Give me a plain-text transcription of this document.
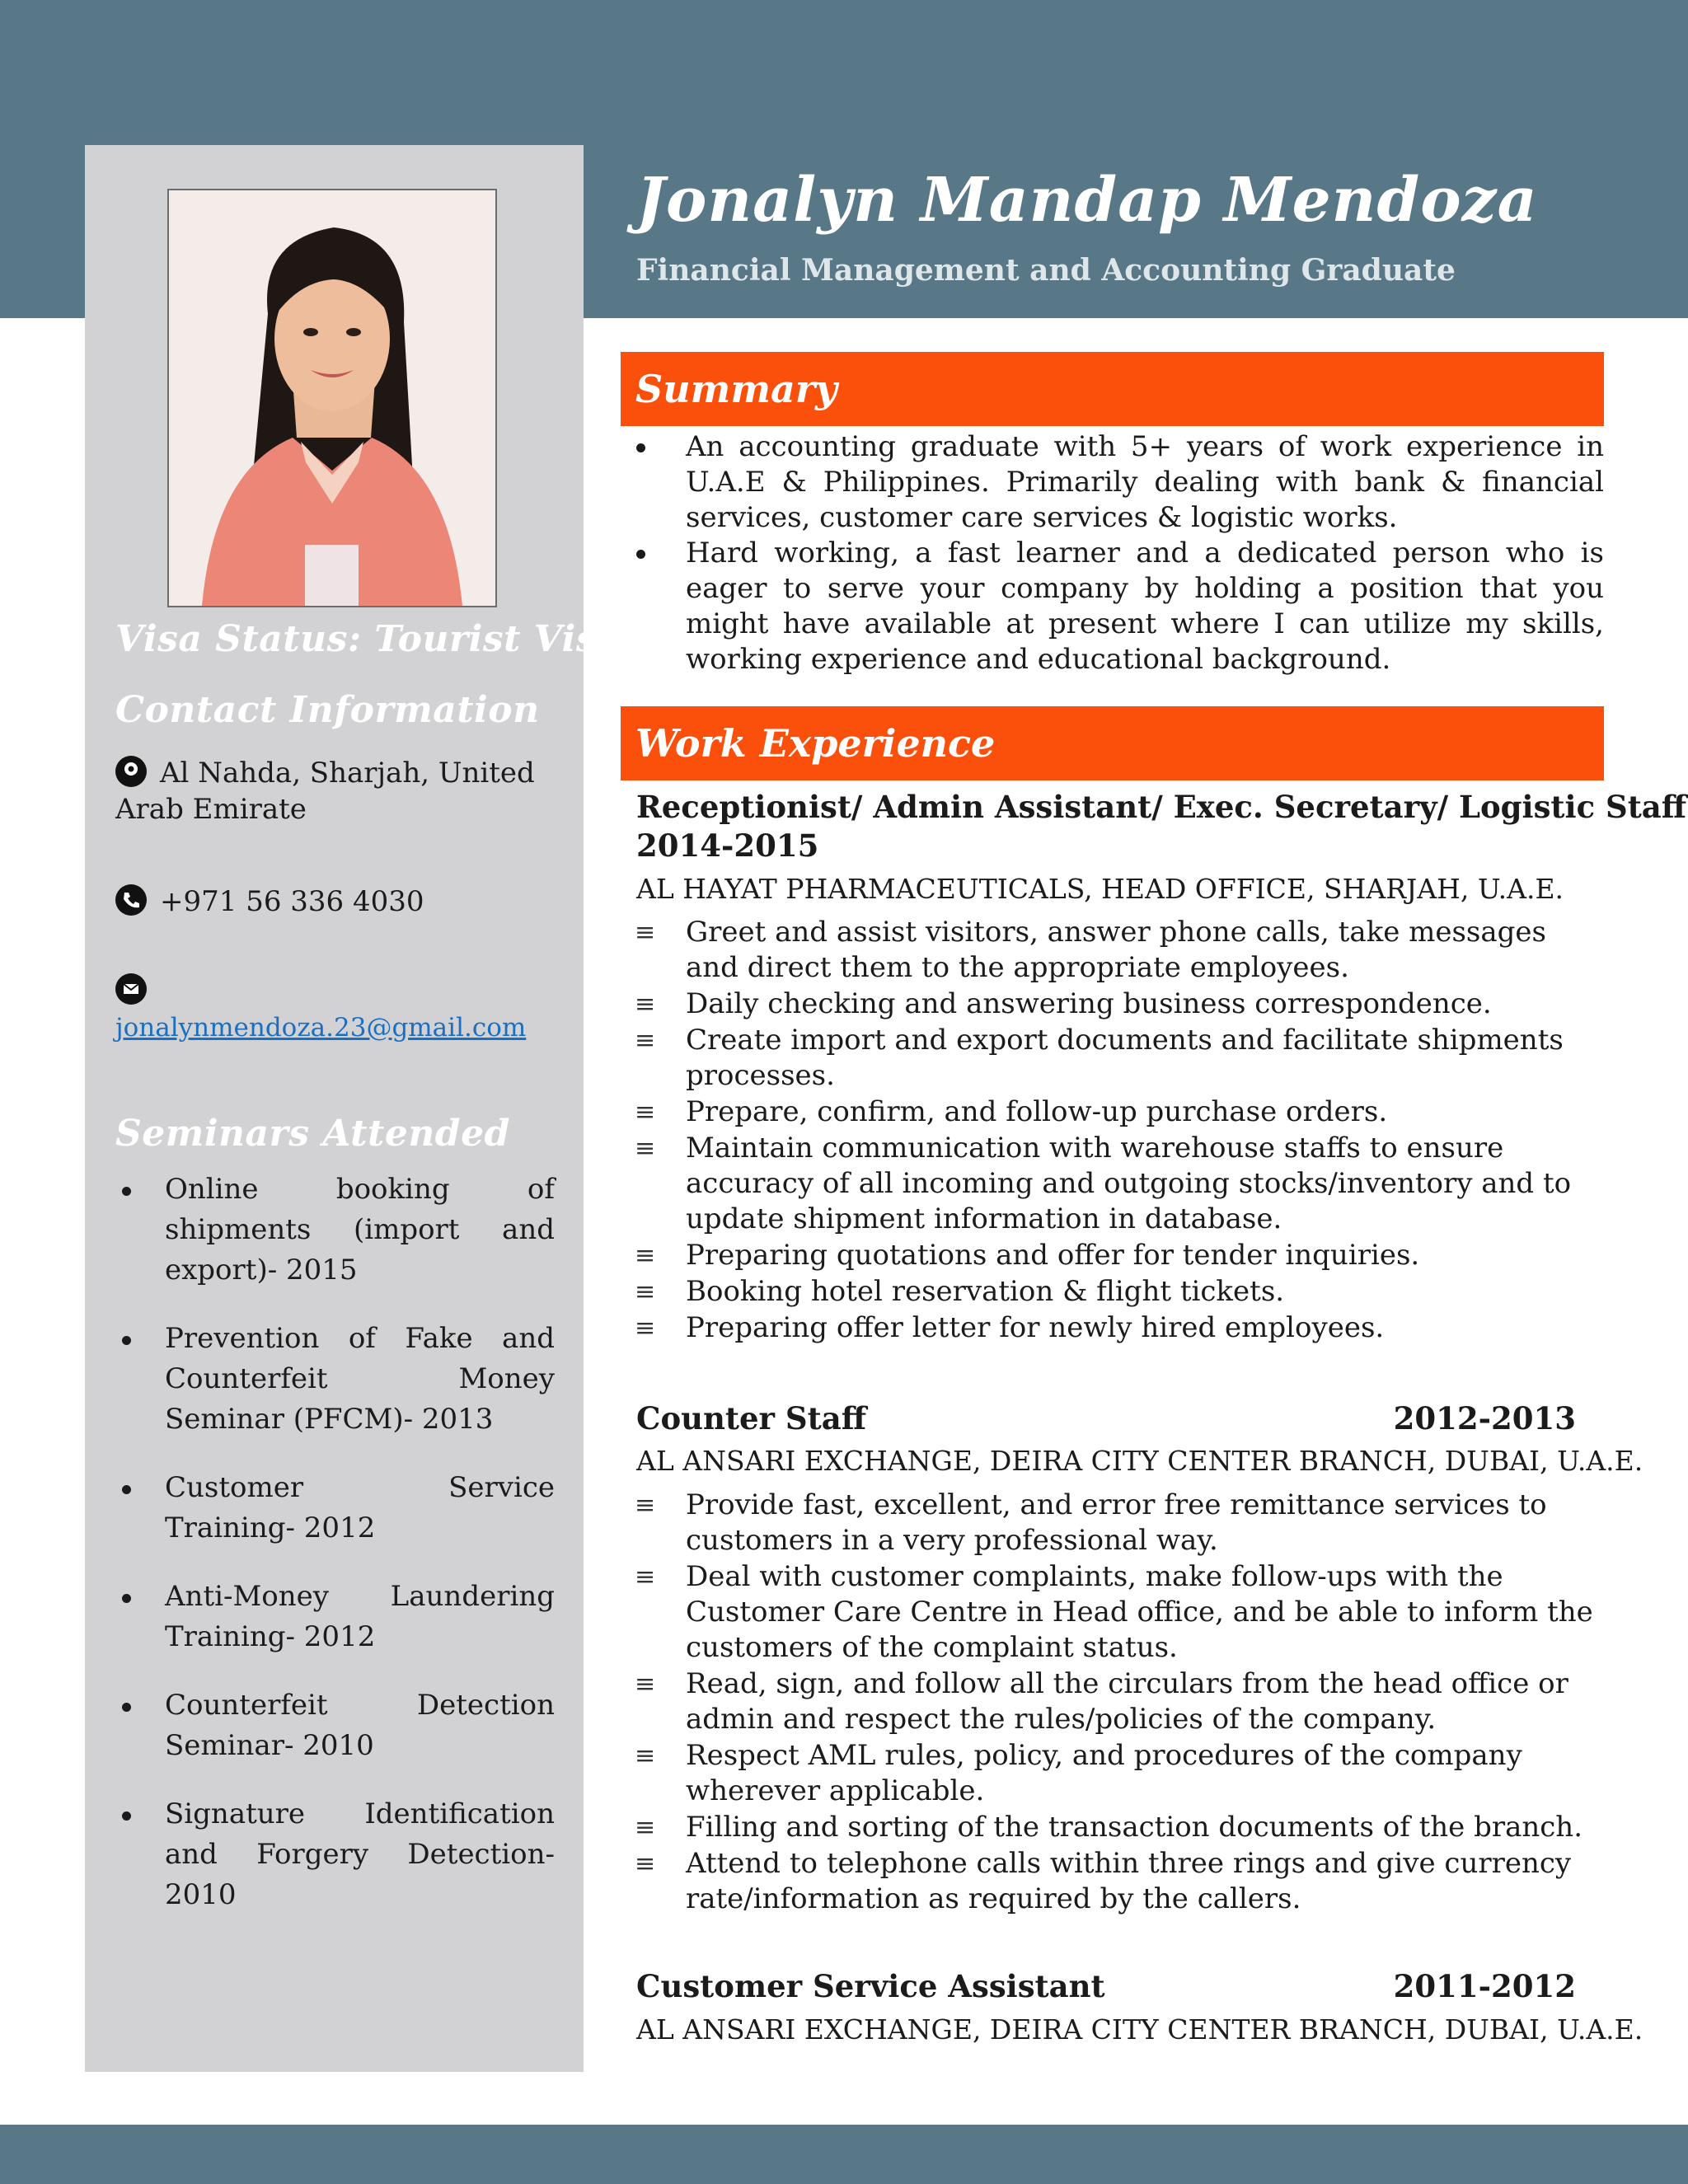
Visa Status: Tourist Visa
Contact Information
Al Nahda, Sharjah, United Arab Emirate
+971 56 336 4030
jonalynmendoza.23@gmail.com
Seminars Attended
Online booking of shipments (import and export)- 2015
Prevention of Fake and Counterfeit Money Seminar (PFCM)- 2013
Customer Service Training- 2012
Anti-Money Laundering Training- 2012
Counterfeit Detection Seminar- 2010
Signature Identification and Forgery Detection- 2010
Jonalyn Mandap Mendoza
Financial Management and Accounting Graduate
Summary
An accounting graduate with 5+ years of work experience in U.A.E & Philippines. Primarily dealing with bank & financial services, customer care services & logistic works.
Hard working, a fast learner and a dedicated person who is eager to serve your company by holding a position that you might have available at present where I can utilize my skills, working experience and educational background.
Work Experience
Receptionist/ Admin Assistant/ Exec. Secretary/ Logistic Staff
2014-2015
AL HAYAT PHARMACEUTICALS, HEAD OFFICE, SHARJAH, U.A.E.
≡ Greet and assist visitors, answer phone calls, take messages and direct them to the appropriate employees.
≡ Daily checking and answering business correspondence.
≡ Create import and export documents and facilitate shipments processes.
≡ Prepare, confirm, and follow-up purchase orders.
≡ Maintain communication with warehouse staffs to ensure accuracy of all incoming and outgoing stocks/inventory and to update shipment information in database.
≡ Preparing quotations and offer for tender inquiries.
≡ Booking hotel reservation & flight tickets.
≡ Preparing offer letter for newly hired employees.
Counter Staff	2012-2013
AL ANSARI EXCHANGE, DEIRA CITY CENTER BRANCH, DUBAI, U.A.E.
≡ Provide fast, excellent, and error free remittance services to customers in a very professional way.
≡ Deal with customer complaints, make follow-ups with the Customer Care Centre in Head office, and be able to inform the customers of the complaint status.
≡ Read, sign, and follow all the circulars from the head office or admin and respect the rules/policies of the company.
≡ Respect AML rules, policy, and procedures of the company wherever applicable.
≡ Filling and sorting of the transaction documents of the branch.
≡ Attend to telephone calls within three rings and give currency rate/information as required by the callers.
Customer Service Assistant	2011-2012
AL ANSARI EXCHANGE, DEIRA CITY CENTER BRANCH, DUBAI, U.A.E.
